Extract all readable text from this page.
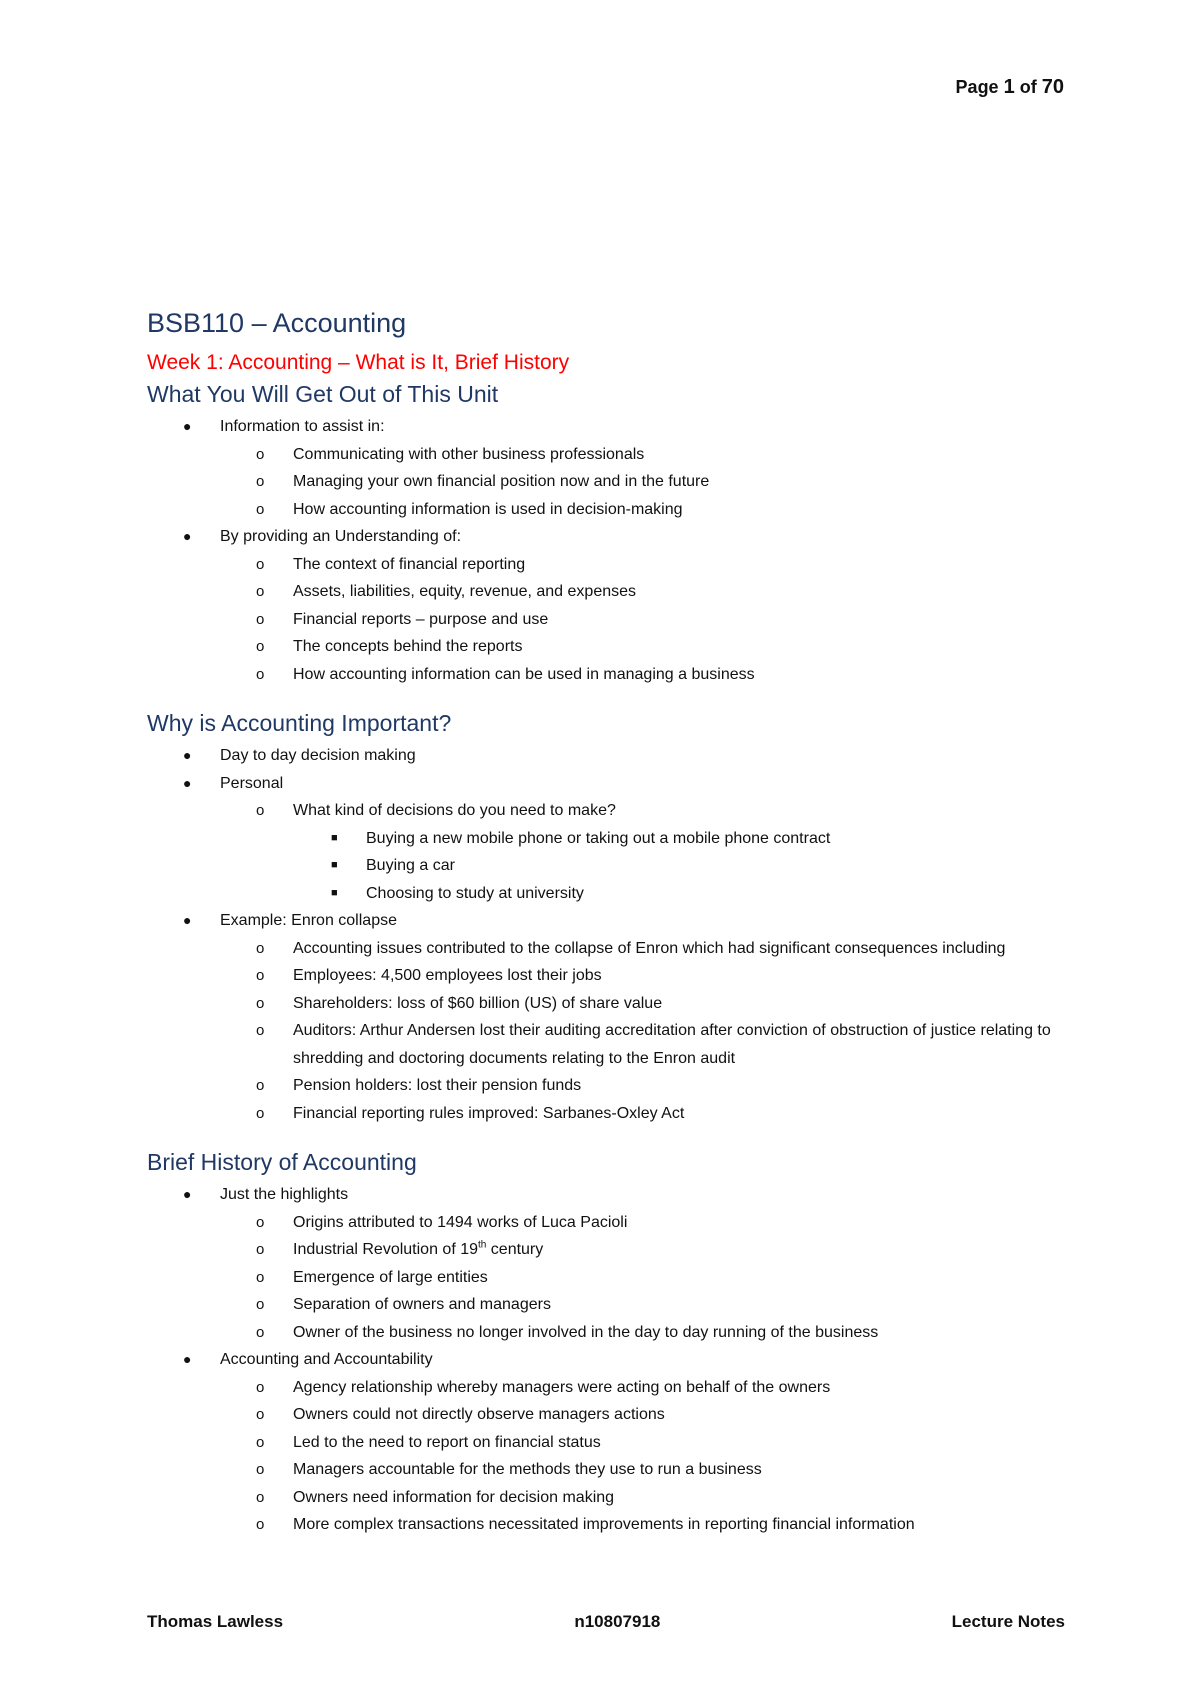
Page 1 of 70
BSB110 – Accounting
Week 1: Accounting – What is It, Brief History
What You Will Get Out of This Unit
● Information to assist in:
o Communicating with other business professionals
o Managing your own financial position now and in the future
o How accounting information is used in decision-making
● By providing an Understanding of:
o The context of financial reporting
o Assets, liabilities, equity, revenue, and expenses
o Financial reports – purpose and use
o The concepts behind the reports
o How accounting information can be used in managing a business
Why is Accounting Important?
● Day to day decision making
● Personal
o What kind of decisions do you need to make?
■ Buying a new mobile phone or taking out a mobile phone contract
■ Buying a car
■ Choosing to study at university
● Example: Enron collapse
o Accounting issues contributed to the collapse of Enron which had significant consequences including
o Employees: 4,500 employees lost their jobs
o Shareholders: loss of $60 billion (US) of share value
o Auditors: Arthur Andersen lost their auditing accreditation after conviction of obstruction of justice relating to shredding and doctoring documents relating to the Enron audit
o Pension holders: lost their pension funds
o Financial reporting rules improved: Sarbanes-Oxley Act
Brief History of Accounting
● Just the highlights
o Origins attributed to 1494 works of Luca Pacioli
o Industrial Revolution of 19th century
o Emergence of large entities
o Separation of owners and managers
o Owner of the business no longer involved in the day to day running of the business
● Accounting and Accountability
o Agency relationship whereby managers were acting on behalf of the owners
o Owners could not directly observe managers actions
o Led to the need to report on financial status
o Managers accountable for the methods they use to run a business
o Owners need information for decision making
o More complex transactions necessitated improvements in reporting financial information
Thomas Lawless	n10807918	Lecture Notes
